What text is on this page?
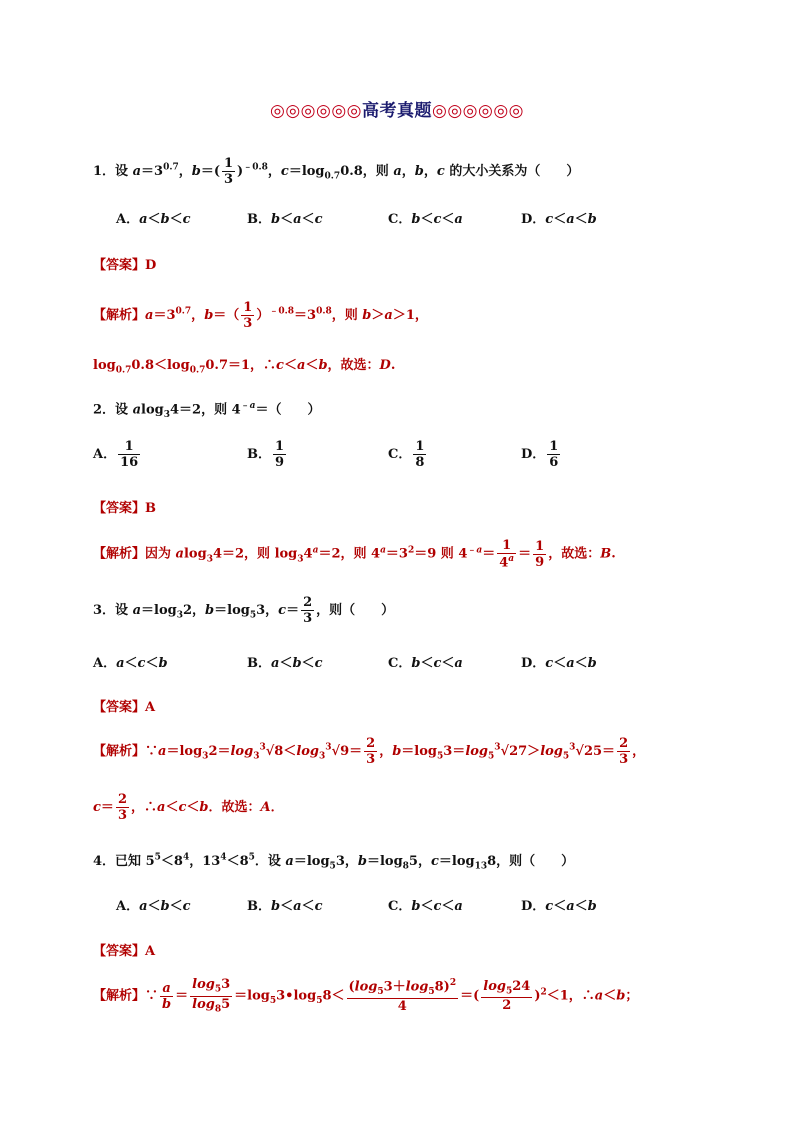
◎◎◎◎◎◎高考真题◎◎◎◎◎◎
1．设 $a=3^{0.7}$，$b=( \frac{1}{3} )^{﹣0.8}$，$c=\log_{0.7}0.8$，则 a，b，c 的大小关系为（　　）
A．a＜b＜c	B．b＜a＜c	C．b＜c＜a	D．c＜a＜b
【答案】D
【解析】$a=3^{0.7}$，$b=( \frac{1}{3} )^{﹣0.8}=3^{0.8}$，则 b＞a＞1，
$\log_{0.7}0.8<\log_{0.7}0.7=1$，∴c＜a＜b，故选：D.
2．设 alog$_3$4＝2，则 $4^{﹣a}=$（　　）
A． $\frac{1}{16}$	B． $\frac{1}{9}$	C． $\frac{1}{8}$	D． $\frac{1}{6}$
【答案】B
【解析】因为 alog$_3$4＝2，则 $\log_34^a=2$，则 $4^a=3^2=9$ 则 $4^{﹣a}= \frac{1}{4^a} = \frac{1}{9}$ ，故选：B.
3．设 $a=\log_32$，$b=\log_53$，$c= \frac{2}{3}$ ，则（　　）
A．a＜c＜b	B．a＜b＜c	C．b＜c＜a	D．c＜a＜b
【答案】A
【解析】$\because a=\log_32=\log_3^3√8<\log_3^3√9= \frac{2}{3}$ ，$b=\log_53=\log_5^3√27>\log_5^3√25= \frac{2}{3}$ ，
$c= \frac{2}{3}$ ，∴a＜c＜b．故选：A．
4．已知 $5^5<8^4$，$13^4<8^5$．设 $a=\log_53$，$b=\log_85$，$c=\log_{13}8$，则（　　）
A．a＜b＜c	B．b＜a＜c	C．b＜c＜a	D．c＜a＜b
【答案】A
【解析】∵ $\frac{a}{b} = \frac{\log_53}{\log_85}$ $=\log_53•\log_58< \frac{(\log_53+\log_58)^2}{4}$ ＝( $\frac{\log_524}{2} )^2<1$，∴a＜b；
